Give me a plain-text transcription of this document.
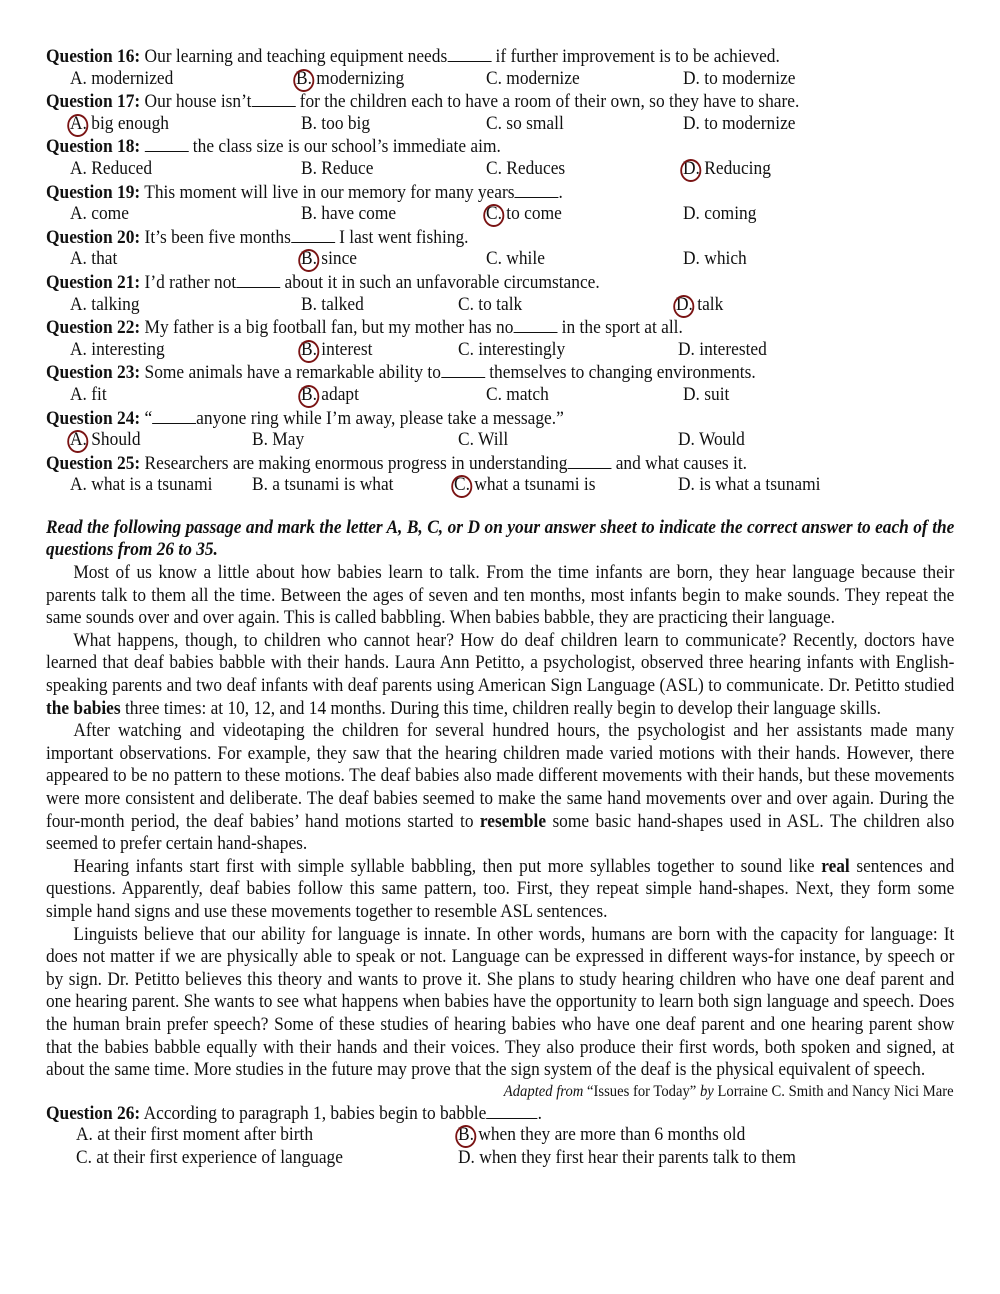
Question 16: Our learning and teaching equipment needs if further improvement is to be achieved.
A. modernized	B. modernizing	C. modernize	D. to modernize
Question 17: Our house isn’t for the children each to have a room of their own, so they have to share.
A. big enough	B. too big	C. so small	D. to modernize
Question 18:	the class size is our school’s immediate aim.
A. Reduced	B. Reduce	C. Reduces	D. Reducing
Question 19: This moment will live in our memory for many years .
A. come	B. have come	C. to come	D. coming
Question 20: It’s been five months I last went fishing.
A. that	B. since	C. while	D. which
Question 21: I’d rather not about it in such an unfavorable circumstance.
A. talking	B. talked	C. to talk	D. talk
Question 22: My father is a big football fan, but my mother has no in the sport at all.
A. interesting	B. interest	C. interestingly	D. interested
Question 23: Some animals have a remarkable ability to themselves to changing environments.
A. fit	B. adapt	C. match	D. suit
Question 24: “ anyone ring while I’m away, please take a message.”
A. Should	B. May	C. Will	D. Would
Question 25: Researchers are making enormous progress in understanding and what causes it.
A. what is a tsunami B. a tsunami is what	C. what a tsunami is	D. is what a tsunami
Read the following passage and mark the letter A, B, C, or D on your answer sheet to indicate the correct answer to each of the questions from 26 to 35.
Most of us know a little about how babies learn to talk. From the time infants are born, they hear language because their parents talk to them all the time. Between the ages of seven and ten months, most infants begin to make sounds. They repeat the same sounds over and over again. This is called babbling. When babies babble, they are practicing their language.
What happens, though, to children who cannot hear? How do deaf children learn to communicate? Recently, doctors have learned that deaf babies babble with their hands. Laura Ann Petitto, a psychologist, observed three hearing infants with English-speaking parents and two deaf infants with deaf parents using American Sign Language (ASL) to communicate. Dr. Petitto studied the babies three times: at 10, 12, and 14 months. During this time, children really begin to develop their language skills.
After watching and videotaping the children for several hundred hours, the psychologist and her assistants made many important observations. For example, they saw that the hearing children made varied motions with their hands. However, there appeared to be no pattern to these motions. The deaf babies also made different movements with their hands, but these movements were more consistent and deliberate. The deaf babies seemed to make the same hand movements over and over again. During the four-month period, the deaf babies’ hand motions started to resemble some basic hand-shapes used in ASL. The children also seemed to prefer certain hand-shapes.
Hearing infants start first with simple syllable babbling, then put more syllables together to sound like real sentences and questions. Apparently, deaf babies follow this same pattern, too. First, they repeat simple hand-shapes. Next, they form some simple hand signs and use these movements together to resemble ASL sentences.
Linguists believe that our ability for language is innate. In other words, humans are born with the capacity for language: It does not matter if we are physically able to speak or not. Language can be expressed in different ways-for instance, by speech or by sign. Dr. Petitto believes this theory and wants to prove it. She plans to study hearing children who have one deaf parent and one hearing parent. She wants to see what happens when babies have the opportunity to learn both sign language and speech. Does the human brain prefer speech? Some of these studies of hearing babies who have one deaf parent and one hearing parent show that the babies babble equally with their hands and their voices. They also produce their first words, both spoken and signed, at about the same time. More studies in the future may prove that the sign system of the deaf is the physical equivalent of speech.
Adapted from “Issues for Today” by Lorraine C. Smith and Nancy Nici Mare
Question 26: According to paragraph 1, babies begin to babble	.
A. at their first moment after birth	B. when they are more than 6 months old
C. at their first experience of language	D. when they first hear their parents talk to them
